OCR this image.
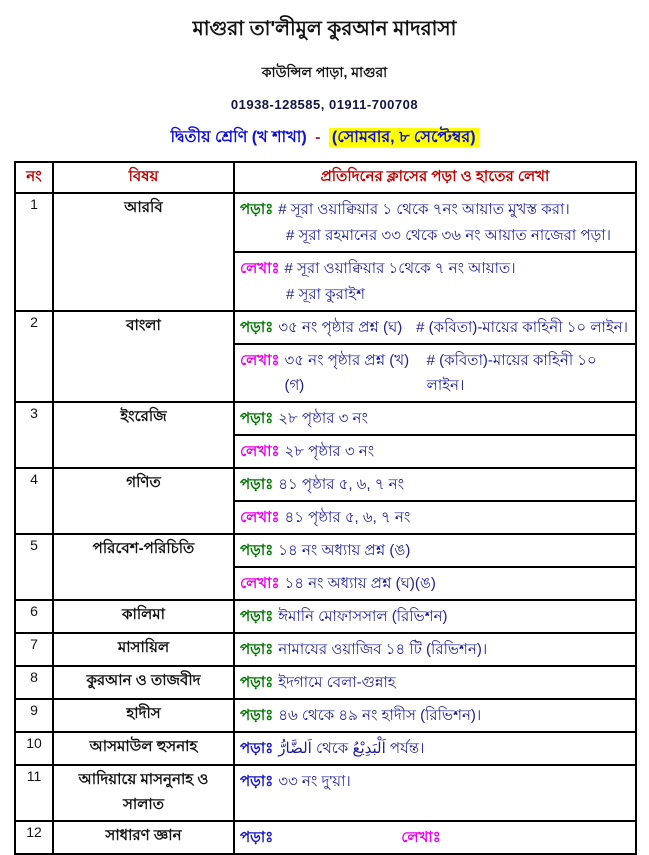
মাগুরা তা'লীমুল কুরআন মাদরাসা
কাউন্সিল পাড়া, মাগুরা
01938-128585, 01911-700708
দ্বিতীয় শ্রেণি (খ শাখা) - (সোমবার, ৮ সেপ্টেম্বর)
নং	বিষয়	প্রতিদিনের ক্লাসের পড়া ও হাতের লেখা
1	আরবি	পড়াঃ # সূরা ওয়াক্বিয়ার ১ থেকে ৭নং আয়াত মুখস্ত করা।
# সূরা রহমানের ৩৩ থেকে ৩৬ নং আয়াত নাজেরা পড়া।

		লেখাঃ # সূরা ওয়াক্বিয়ার ১থেকে ৭ নং আয়াত।
# সূরা কুরাইশ

2	বাংলা	পড়াঃ ৩৫ নং পৃষ্ঠার প্রশ্ন (ঘ) # (কবিতা)-মায়ের কাহিনী ১০ লাইন।

		লেখাঃ ৩৫ নং পৃষ্ঠার প্রশ্ন (খ)(গ)
# (কবিতা)-মায়ের কাহিনী ১০ লাইন।

3	ইংরেজি	পড়াঃ ২৮ পৃষ্ঠার ৩ নং

		লেখাঃ ২৮ পৃষ্ঠার ৩ নং

4	গণিত	পড়াঃ ৪১ পৃষ্ঠার ৫, ৬, ৭ নং

		লেখাঃ ৪১ পৃষ্ঠার ৫, ৬, ৭ নং

5	পরিবেশ-পরিচিতি	পড়াঃ ১৪ নং অধ্যায় প্রশ্ন (ঙ)

		লেখাঃ ১৪ নং অধ্যায় প্রশ্ন (ঘ)(ঙ)

6	কালিমা	পড়াঃ ঈমানি মোফাসসাল (রিভিশন)

7	মাসায়িল	পড়াঃ নামাযের ওয়াজিব ১৪ টি (রিভিশন)।

8	কুরআন ও তাজবীদ	পড়াঃ ইদগামে বেলা-গুন্নাহ

9	হাদীস	পড়াঃ ৪৬ থেকে ৪৯ নং হাদীস (রিভিশন)।

10	আসমাউল হুসনাহ	পড়াঃ اَلضَّارُّ থেকে اَلْبَدِيْعُ পর্যন্ত।

11	আদিয়ায়ে মাসনুনাহ ও সালাত	পড়াঃ ৩৩ নং দু'য়া।

12	সাধারণ জ্ঞান	পড়াঃ লেখাঃ
